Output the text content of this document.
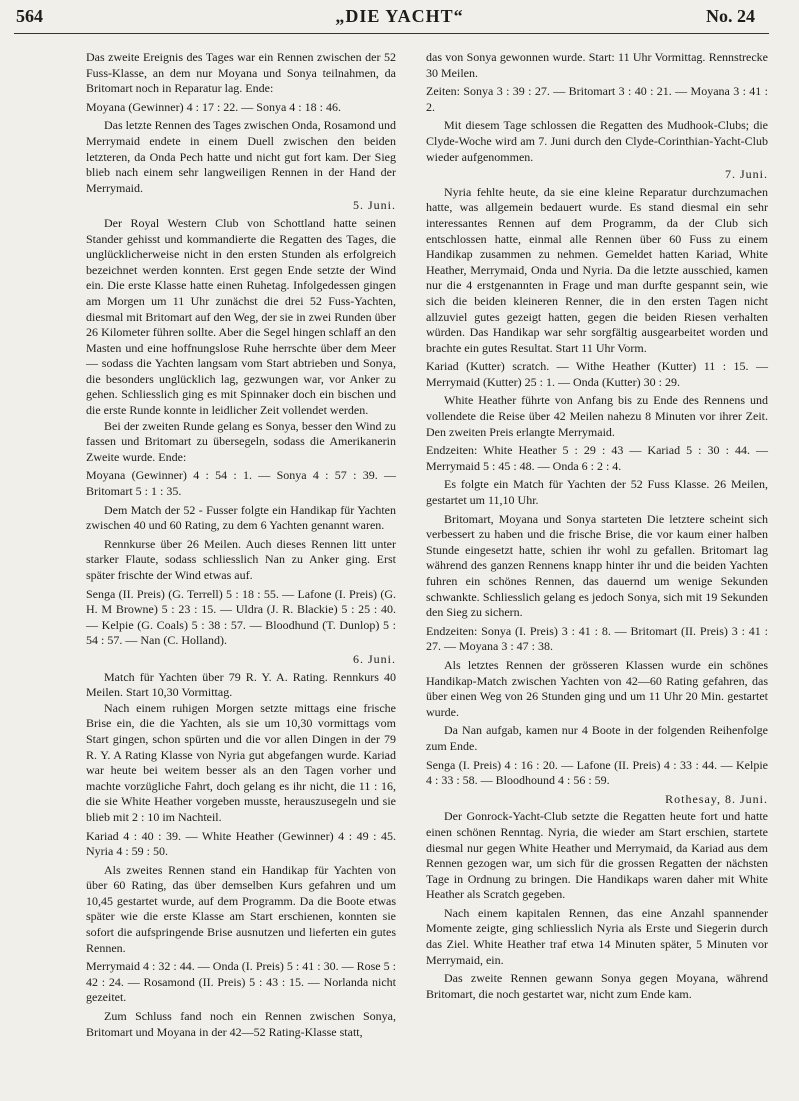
564	„DIE YACHT“	No. 24

Das zweite Ereignis des Tages war ein Rennen zwischen der 52 Fuss-Klasse, an dem nur Moyana und Sonya teilnahmen, da Britomart noch in Reparatur lag. Ende:

Moyana (Gewinner) 4 : 17 : 22. — Sonya 4 : 18 : 46.

Das letzte Rennen des Tages zwischen Onda, Rosamond und Merrymaid endete in einem Duell zwischen den beiden letzteren, da Onda Pech hatte und nicht gut fort kam. Der Sieg blieb nach einem sehr langweiligen Rennen in der Hand der Merrymaid.

5. Juni.

Der Royal Western Club von Schottland hatte seinen Stander gehisst und kommandierte die Regatten des Tages, die unglücklicherweise nicht in den ersten Stunden als erfolgreich bezeichnet werden konnten. Erst gegen Ende setzte der Wind ein. Die erste Klasse hatte einen Ruhetag. Infolgedessen gingen am Morgen um 11 Uhr zunächst die drei 52 Fuss-Yachten, diesmal mit Britomart auf den Weg, der sie in zwei Runden über 26 Kilometer führen sollte. Aber die Segel hingen schlaff an den Masten und eine hoffnungslose Ruhe herrschte über dem Meer — sodass die Yachten langsam vom Start abtrieben und Sonya, die besonders unglücklich lag, gezwungen war, vor Anker zu gehen. Schliesslich ging es mit Spinnaker doch ein bischen und die erste Runde konnte in leidlicher Zeit vollendet werden.

Bei der zweiten Runde gelang es Sonya, besser den Wind zu fassen und Britomart zu übersegeln, sodass die Amerikanerin Zweite wurde. Ende:

Moyana (Gewinner) 4 : 54 : 1. — Sonya 4 : 57 : 39. — Britomart 5 : 1 : 35.

Dem Match der 52 - Fusser folgte ein Handikap für Yachten zwischen 40 und 60 Rating, zu dem 6 Yachten genannt waren.

Rennkurse über 26 Meilen. Auch dieses Rennen litt unter starker Flaute, sodass schliesslich Nan zu Anker ging. Erst später frischte der Wind etwas auf.

Senga (II. Preis) (G. Terrell) 5 : 18 : 55. — Lafone (I. Preis) (G. H. M Browne) 5 : 23 : 15. — Uldra (J. R. Blackie) 5 : 25 : 40. — Kelpie (G. Coals) 5 : 38 : 57. — Bloodhund (T. Dunlop) 5 : 54 : 57. — Nan (C. Holland).

6. Juni.

Match für Yachten über 79 R. Y. A. Rating. Rennkurs 40 Meilen. Start 10,30 Vormittag.

Nach einem ruhigen Morgen setzte mittags eine frische Brise ein, die die Yachten, als sie um 10,30 vormittags vom Start gingen, schon spürten und die vor allen Dingen in der 79 R. Y. A Rating Klasse von Nyria gut abgefangen wurde. Kariad war heute bei weitem besser als an den Tagen vorher und machte vorzügliche Fahrt, doch gelang es ihr nicht, die 11 : 16, die sie White Heather vorgeben musste, herauszusegeln und sie blieb mit 2 : 10 im Nachteil.

Kariad 4 : 40 : 39. — White Heather (Gewinner) 4 : 49 : 45. Nyria 4 : 59 : 50.

Als zweites Rennen stand ein Handikap für Yachten von über 60 Rating, das über demselben Kurs gefahren und um 10,45 gestartet wurde, auf dem Programm. Da die Boote etwas später wie die erste Klasse am Start erschienen, konnten sie sofort die aufspringende Brise ausnutzen und lieferten ein gutes Rennen.

Merrymaid 4 : 32 : 44. — Onda (I. Preis) 5 : 41 : 30. — Rose 5 : 42 : 24. — Rosamond (II. Preis) 5 : 43 : 15. — Norlanda nicht gezeitet.

Zum Schluss fand noch ein Rennen zwischen Sonya, Britomart und Moyana in der 42—52 Rating-Klasse statt,

das von Sonya gewonnen wurde. Start: 11 Uhr Vormittag. Rennstrecke 30 Meilen.

Zeiten: Sonya 3 : 39 : 27. — Britomart 3 : 40 : 21. — Moyana 3 : 41 : 2.

Mit diesem Tage schlossen die Regatten des Mudhook-Clubs; die Clyde-Woche wird am 7. Juni durch den Clyde-Corinthian-Yacht-Club wieder aufgenommen.

7. Juni.

Nyria fehlte heute, da sie eine kleine Reparatur durchzumachen hatte, was allgemein bedauert wurde. Es stand diesmal ein sehr interessantes Rennen auf dem Programm, da der Club sich entschlossen hatte, einmal alle Rennen über 60 Fuss zu einem Handikap zusammen zu nehmen. Gemeldet hatten Kariad, White Heather, Merrymaid, Onda und Nyria. Da die letzte ausschied, kamen nur die 4 erstgenannten in Frage und man durfte gespannt sein, wie sich die beiden kleineren Renner, die in den ersten Tagen nicht allzuviel gutes gezeigt hatten, gegen die beiden Riesen verhalten würden. Das Handikap war sehr sorgfältig ausgearbeitet worden und brachte ein gutes Resultat. Start 11 Uhr Vorm.

Kariad (Kutter) scratch. — Withe Heather (Kutter) 11 : 15. — Merrymaid (Kutter) 25 : 1. — Onda (Kutter) 30 : 29.

White Heather führte von Anfang bis zu Ende des Rennens und vollendete die Reise über 42 Meilen nahezu 8 Minuten vor ihrer Zeit. Den zweiten Preis erlangte Merrymaid.

Endzeiten: White Heather 5 : 29 : 43 — Kariad 5 : 30 : 44. — Merrymaid 5 : 45 : 48. — Onda 6 : 2 : 4.

Es folgte ein Match für Yachten der 52 Fuss Klasse. 26 Meilen, gestartet um 11,10 Uhr.

Britomart, Moyana und Sonya starteten Die letztere scheint sich verbessert zu haben und die frische Brise, die vor kaum einer halben Stunde eingesetzt hatte, schien ihr wohl zu gefallen. Britomart lag während des ganzen Rennens knapp hinter ihr und die beiden Yachten fuhren ein schönes Rennen, das dauernd um wenige Sekunden schwankte. Schliesslich gelang es jedoch Sonya, sich mit 19 Sekunden den Sieg zu sichern.

Endzeiten: Sonya (I. Preis) 3 : 41 : 8. — Britomart (II. Preis) 3 : 41 : 27. — Moyana 3 : 47 : 38.

Als letztes Rennen der grösseren Klassen wurde ein schönes Handikap-Match zwischen Yachten von 42—60 Rating gefahren, das über einen Weg von 26 Stunden ging und um 11 Uhr 20 Min. gestartet wurde.

Da Nan aufgab, kamen nur 4 Boote in der folgenden Reihenfolge zum Ende.

Senga (I. Preis) 4 : 16 : 20. — Lafone (II. Preis) 4 : 33 : 44. — Kelpie 4 : 33 : 58. — Bloodhound 4 : 56 : 59.

Rothesay, 8. Juni.

Der Gonrock-Yacht-Club setzte die Regatten heute fort und hatte einen schönen Renntag. Nyria, die wieder am Start erschien, startete diesmal nur gegen White Heather und Merrymaid, da Kariad aus dem Rennen gezogen war, um sich für die grossen Regatten der nächsten Tage in Ordnung zu bringen. Die Handikaps waren daher mit White Heather als Scratch gegeben.

Nach einem kapitalen Rennen, das eine Anzahl spannender Momente zeigte, ging schliesslich Nyria als Erste und Siegerin durch das Ziel. White Heather traf etwa 14 Minuten später, 5 Minuten vor Merrymaid, ein.

Das zweite Rennen gewann Sonya gegen Moyana, während Britomart, die noch gestartet war, nicht zum Ende kam.
